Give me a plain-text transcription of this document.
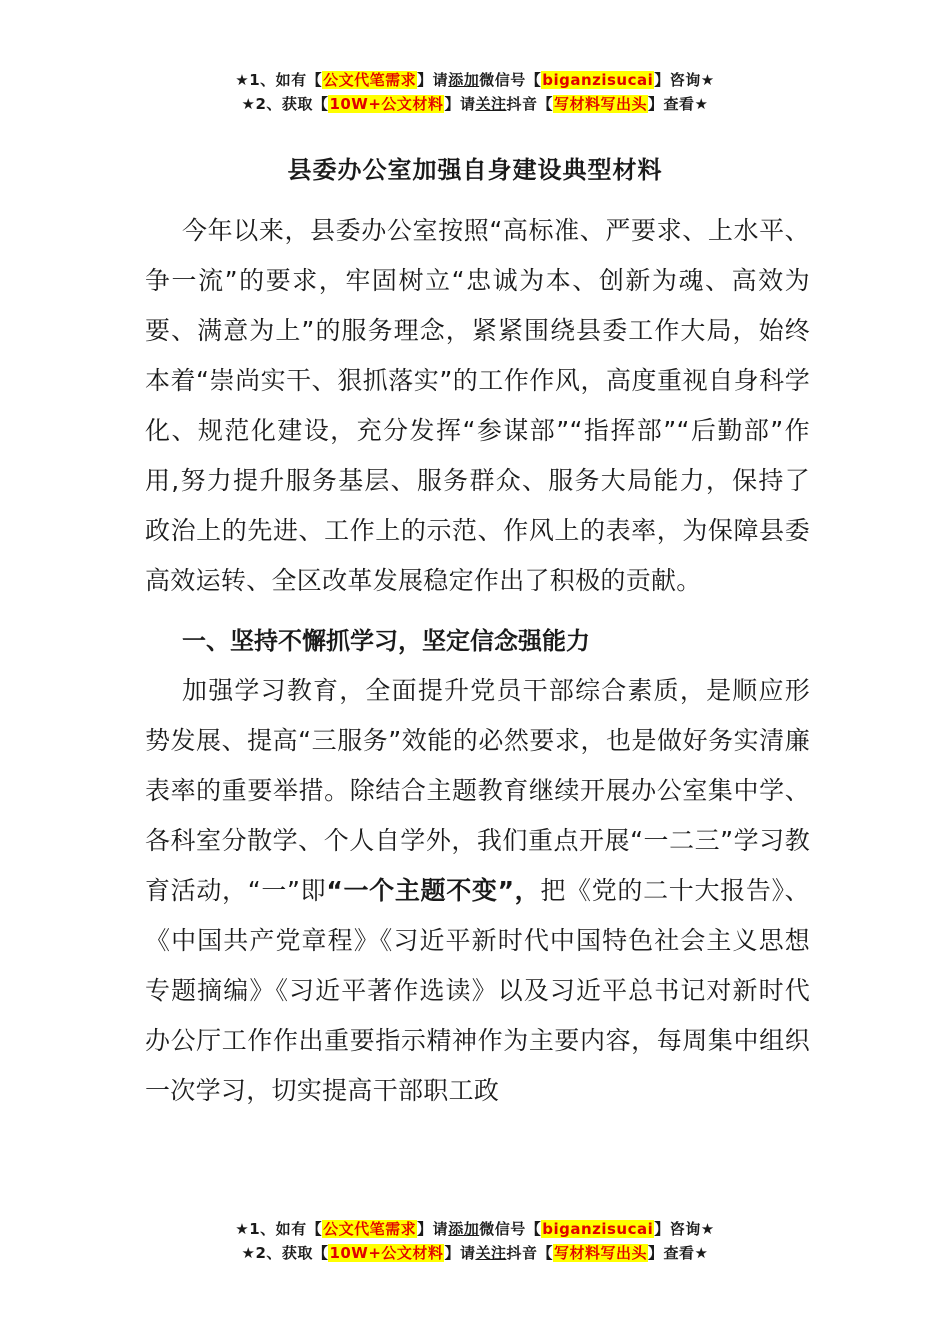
★1、如有【公文代笔需求】请添加微信号【biganzisucai】咨询★
★2、获取【10W+公文材料】请关注抖音【写材料写出头】查看★
县委办公室加强自身建设典型材料

今年以来，县委办公室按照“高标准、严要求、上水平、争一流”的要求，牢固树立“忠诚为本、创新为魂、高效为要、满意为上”的服务理念，紧紧围绕县委工作大局，始终本着“崇尚实干、狠抓落实”的工作作风，高度重视自身科学化、规范化建设，充分发挥“参谋部”“指挥部”“后勤部”作用,努力提升服务基层、服务群众、服务大局能力，保持了政治上的先进、工作上的示范、作风上的表率，为保障县委高效运转、全区改革发展稳定作出了积极的贡献。

一、坚持不懈抓学习，坚定信念强能力

加强学习教育，全面提升党员干部综合素质，是顺应形势发展、提高“三服务”效能的必然要求，也是做好务实清廉表率的重要举措。除结合主题教育继续开展办公室集中学、各科室分散学、个人自学外，我们重点开展“一二三”学习教育活动，“一”即“一个主题不变”，把《党的二十大报告》、《中国共产党章程》《习近平新时代中国特色社会主义思想专题摘编》《习近平著作选读》以及习近平总书记对新时代办公厅工作作出重要指示精神作为主要内容，每周集中组织一次学习，切实提高干部职工政

★1、如有【公文代笔需求】请添加微信号【biganzisucai】咨询★
★2、获取【10W+公文材料】请关注抖音【写材料写出头】查看★
